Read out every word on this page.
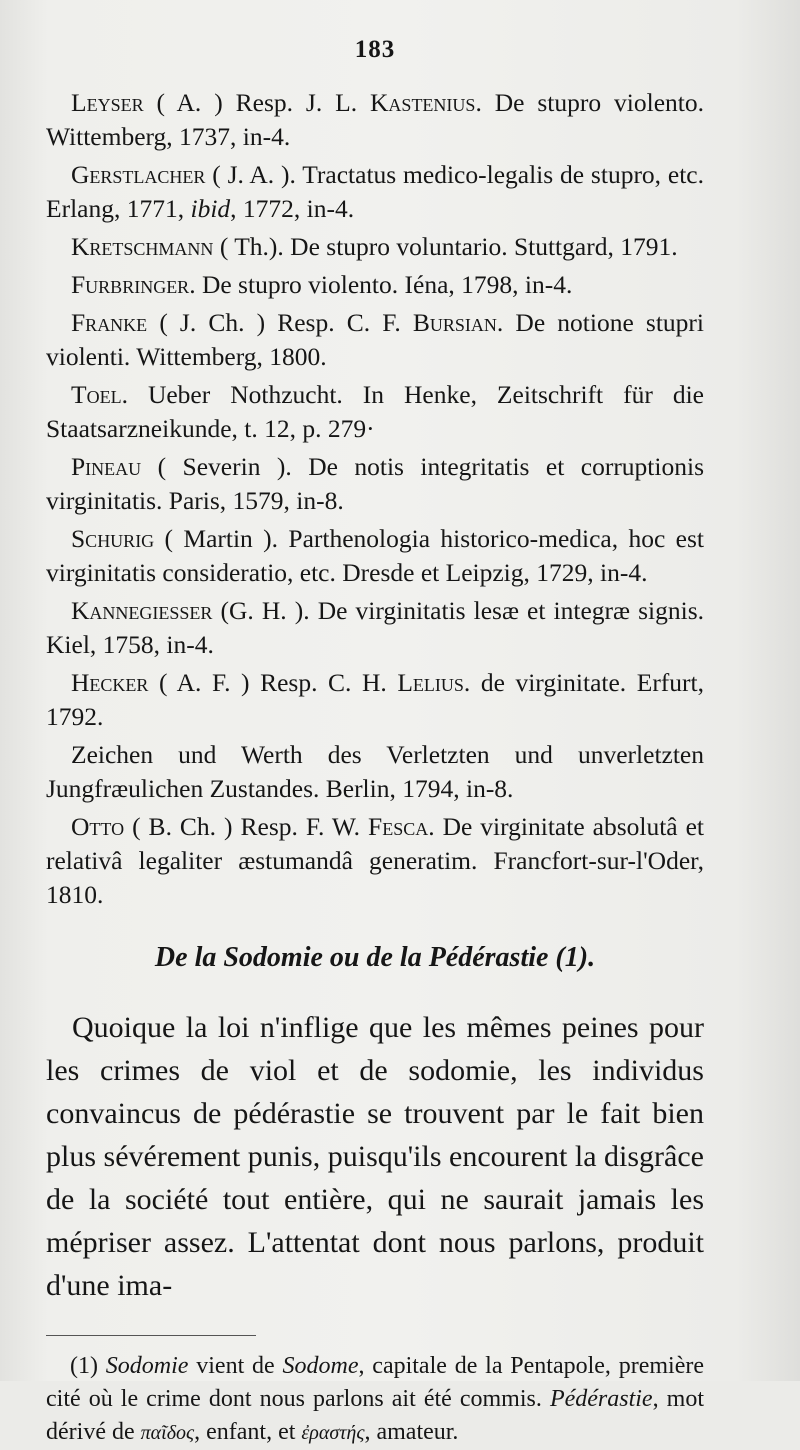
183

Leyser ( A. ) Resp. J. L. Kastenius. De stupro violento. Wittemberg, 1737, in-4.

Gerstlacher ( J. A. ). Tractatus medico-legalis de stupro, etc. Erlang, 1771, ibid, 1772, in-4.

Kretschmann ( Th.). De stupro voluntario. Stuttgard, 1791.

Furbringer. De stupro violento. Iéna, 1798, in-4.

Franke ( J. Ch. ) Resp. C. F. Bursian. De notione stupri violenti. Wittemberg, 1800.

Toel. Ueber Nothzucht. In Henke, Zeitschrift für die Staatsarzneikunde, t. 12, p. 279·

Pineau ( Severin ). De notis integritatis et corruptionis virginitatis. Paris, 1579, in-8.

Schurig ( Martin ). Parthenologia historico-medica, hoc est virginitatis consideratio, etc. Dresde et Leipzig, 1729, in-4.

Kannegiesser (G. H. ). De virginitatis lesæ et integræ signis. Kiel, 1758, in-4.

Hecker ( A. F. ) Resp. C. H. Lelius. de virginitate. Erfurt, 1792.

Zeichen und Werth des Verletzten und unverletzten Jungfræulichen Zustandes. Berlin, 1794, in-8.

Otto ( B. Ch. ) Resp. F. W. Fesca. De virginitate absolutâ et relativâ legaliter æstumandâ generatim. Francfort-sur-l'Oder, 1810.

De la Sodomie ou de la Pédérastie (1).

Quoique la loi n'inflige que les mêmes peines pour les crimes de viol et de sodomie, les individus convaincus de pédérastie se trouvent par le fait bien plus sévérement punis, puisqu'ils encourent la disgrâce de la société tout entière, qui ne saurait jamais les mépriser assez. L'attentat dont nous parlons, produit d'une ima-

(1) Sodomie vient de Sodome, capitale de la Pentapole, première cité où le crime dont nous parlons ait été commis. Pédérastie, mot dérivé de παῖδος, enfant, et ἐραστής, amateur.
